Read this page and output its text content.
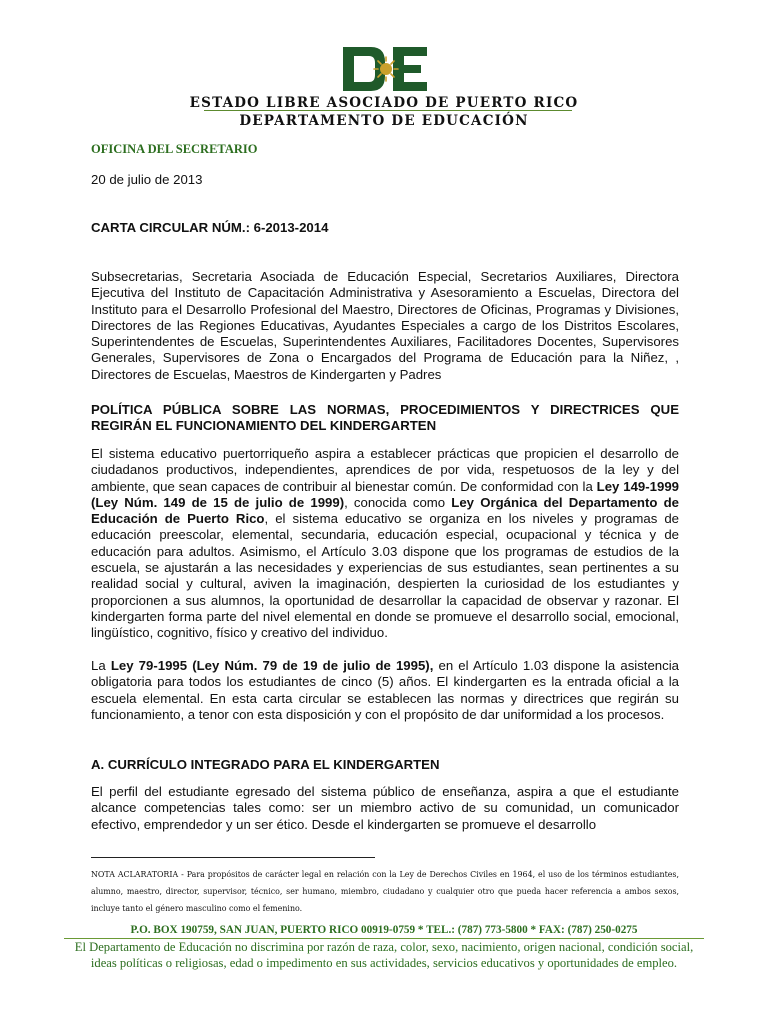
ESTADO LIBRE ASOCIADO DE PUERTO RICO
DEPARTAMENTO DE EDUCACIÓN
OFICINA DEL SECRETARIO
20 de julio de 2013
CARTA CIRCULAR NÚM.: 6-2013-2014
Subsecretarias, Secretaria Asociada de Educación Especial, Secretarios Auxiliares, Directora Ejecutiva del Instituto de Capacitación Administrativa y Asesoramiento a Escuelas, Directora del Instituto para el Desarrollo Profesional del Maestro, Directores de Oficinas, Programas y Divisiones, Directores de las Regiones Educativas, Ayudantes Especiales a cargo de los Distritos Escolares, Superintendentes de Escuelas, Superintendentes Auxiliares, Facilitadores Docentes, Supervisores Generales, Supervisores de Zona o Encargados del Programa de Educación para la Niñez, , Directores de Escuelas, Maestros de Kindergarten y Padres
POLÍTICA PÚBLICA SOBRE LAS NORMAS, PROCEDIMIENTOS Y DIRECTRICES QUE REGIRÁN EL FUNCIONAMIENTO DEL KINDERGARTEN
El sistema educativo puertorriqueño aspira a establecer prácticas que propicien el desarrollo de ciudadanos productivos, independientes, aprendices de por vida, respetuosos de la ley y del ambiente, que sean capaces de contribuir al bienestar común. De conformidad con la Ley 149-1999 (Ley Núm. 149 de 15 de julio de 1999), conocida como Ley Orgánica del Departamento de Educación de Puerto Rico, el sistema educativo se organiza en los niveles y programas de educación preescolar, elemental, secundaria, educación especial, ocupacional y técnica y de educación para adultos. Asimismo, el Artículo 3.03 dispone que los programas de estudios de la escuela, se ajustarán a las necesidades y experiencias de sus estudiantes, sean pertinentes a su realidad social y cultural, aviven la imaginación, despierten la curiosidad de los estudiantes y proporcionen a sus alumnos, la oportunidad de desarrollar la capacidad de observar y razonar. El kindergarten forma parte del nivel elemental en donde se promueve el desarrollo social, emocional, lingüístico, cognitivo, físico y creativo del individuo.
La Ley 79-1995 (Ley Núm. 79 de 19 de julio de 1995), en el Artículo 1.03 dispone la asistencia obligatoria para todos los estudiantes de cinco (5) años. El kindergarten es la entrada oficial a la escuela elemental. En esta carta circular se establecen las normas y directrices que regirán su funcionamiento, a tenor con esta disposición y con el propósito de dar uniformidad a los procesos.
A. CURRÍCULO INTEGRADO PARA EL KINDERGARTEN
El perfil del estudiante egresado del sistema público de enseñanza, aspira a que el estudiante alcance competencias tales como: ser un miembro activo de su comunidad, un comunicador efectivo, emprendedor y un ser ético. Desde el kindergarten se promueve el desarrollo
NOTA ACLARATORIA - Para propósitos de carácter legal en relación con la Ley de Derechos Civiles en 1964, el uso de los términos estudiantes, alumno, maestro, director, supervisor, técnico, ser humano, miembro, ciudadano y cualquier otro que pueda hacer referencia a ambos sexos, incluye tanto el género masculino como el femenino.
P.O. BOX 190759, SAN JUAN, PUERTO RICO 00919-0759 * TEL.: (787) 773-5800 * FAX: (787) 250-0275
El Departamento de Educación no discrimina por razón de raza, color, sexo, nacimiento, origen nacional, condición social,
ideas políticas o religiosas, edad o impedimento en sus actividades, servicios educativos y oportunidades de empleo.
